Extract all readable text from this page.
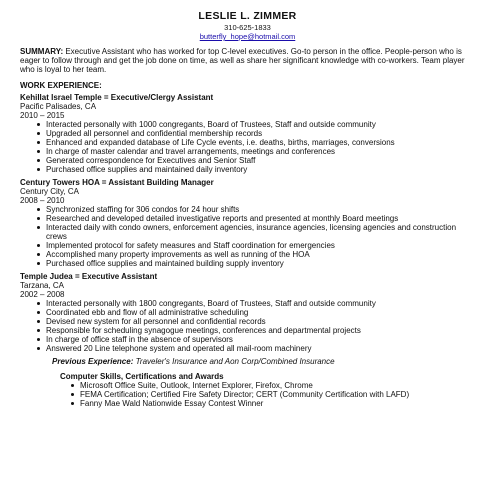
LESLIE L. ZIMMER
310-625-1833
butterfly_hope@hotmail.com
SUMMARY: Executive Assistant who has worked for top C-level executives. Go-to person in the office. People-person who is eager to follow through and get the job done on time, as well as share her significant knowledge with co-workers. Team player who is loyal to her team.
WORK EXPERIENCE:
Kehillat Israel Temple = Executive/Clergy Assistant
Pacific Palisades, CA
2010 – 2015
Interacted personally with 1000 congregants, Board of Trustees, Staff and outside community
Upgraded all personnel and confidential membership records
Enhanced and expanded database of Life Cycle events, i.e. deaths, births, marriages, conversions
In charge of master calendar and travel arrangements, meetings and conferences
Generated correspondence for Executives and Senior Staff
Purchased office supplies and maintained daily inventory
Century Towers HOA = Assistant Building Manager
Century City, CA
2008 – 2010
Synchronized staffing for 306 condos for 24 hour shifts
Researched and developed detailed investigative reports and presented at monthly Board meetings
Interacted daily with condo owners, enforcement agencies, insurance agencies, licensing agencies and construction crews
Implemented protocol for safety measures and Staff coordination for emergencies
Accomplished many property improvements as well as running of the HOA
Purchased office supplies and maintained building supply inventory
Temple Judea = Executive Assistant
Tarzana, CA
2002 – 2008
Interacted personally with 1800 congregants, Board of Trustees, Staff and outside community
Coordinated ebb and flow of all administrative scheduling
Devised new system for all personnel and confidential records
Responsible for scheduling synagogue meetings, conferences and departmental projects
In charge of office staff in the absence of supervisors
Answered 20 Line telephone system and operated all mail-room machinery
Previous Experience: Traveler's Insurance and Aon Corp/Combined Insurance
Computer Skills, Certifications and Awards
Microsoft Office Suite, Outlook, Internet Explorer, Firefox, Chrome
FEMA Certification; Certified Fire Safety Director; CERT (Community Certification with LAFD)
Fanny Mae Wald Nationwide Essay Contest Winner
